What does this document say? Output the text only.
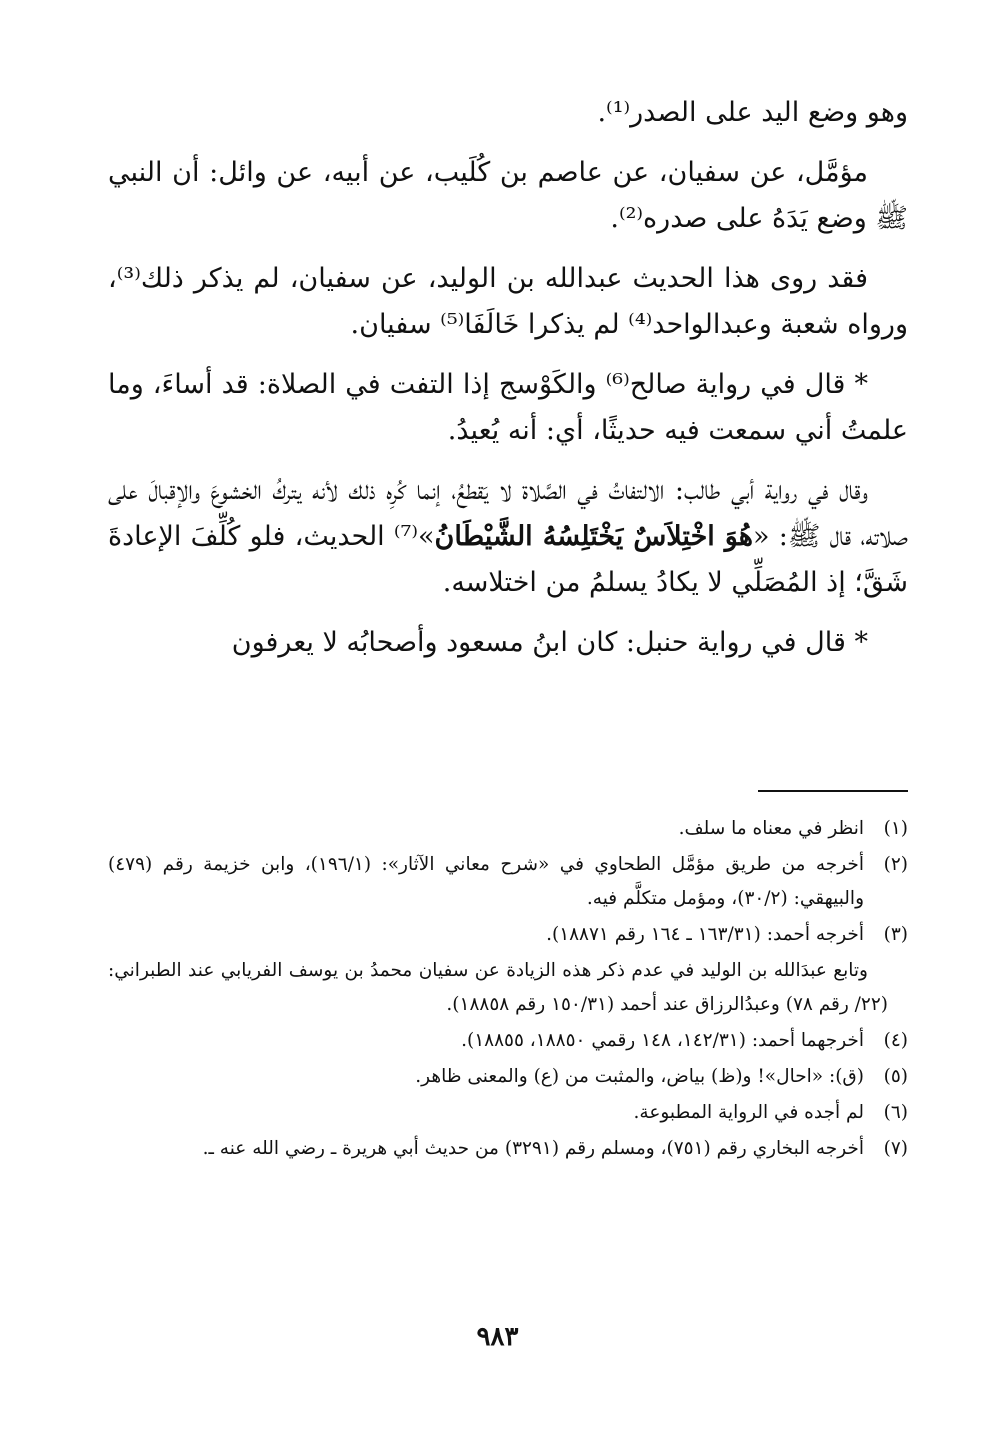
وهو وضع اليد على الصدر⁽¹⁾.

مؤمَّل، عن سفيان، عن عاصم بن كُلَيب، عن أبيه، عن وائل: أن النبي ﷺ وضع يَدَهُ على صدره⁽²⁾.

فقد روى هذا الحديث عبدالله بن الوليد، عن سفيان، لم يذكر ذلك⁽³⁾، ورواه شعبة وعبدالواحد⁽⁴⁾ لم يذكرا خَالَفَا⁽⁵⁾ سفيان.

* قال في رواية صالح⁽⁶⁾ والكَوْسج إذا التفت في الصلاة: قد أساءَ، وما علمتُ أني سمعت فيه حديثًا، أي: أنه يُعيدُ.

وقال في رواية أبي طالب: الالتفاتُ في الصَّلاة لا يَقطعُ، إنما كُرِه ذلك لأنه يتركُ الخشوعَ والإقبالَ على صلاته، قال ﷺ: «هُوَ اخْتِلاَسٌ يَخْتَلِسُهُ الشَّيْطَانُ»⁽⁷⁾ الحديث، فلو كُلِّفَ الإعادةَ شَقَّ؛ إذ المُصَلِّي لا يكادُ يسلمُ من اختلاسه.

* قال في رواية حنبل: كان ابنُ مسعود وأصحابُه لا يعرفون

(١)
انظر في معناه ما سلف.
(٢)
أخرجه من طريق مؤمَّل الطحاوي في «شرح معاني الآثار»: (١٩٦/١)، وابن خزيمة رقم (٤٧٩) والبيهقي: (٣٠/٢)، ومؤمل متكلَّم فيه.
(٣)
أخرجه أحمد: (١٦٣/٣١ ـ ١٦٤ رقم ١٨٨٧١).
وتابع عبدَالله بن الوليد في عدم ذكر هذه الزيادة عن سفيان محمدُ بن يوسف الفريابي عند الطبراني: (٢٢/ رقم ٧٨) وعبدُالرزاق عند أحمد (١٥٠/٣١ رقم ١٨٨٥٨).
(٤)
أخرجهما أحمد: (١٤٢/٣١، ١٤٨ رقمي ١٨٨٥٠، ١٨٨٥٥).
(٥)
(ق): «احال»! و(ظ) بياض، والمثبت من (ع) والمعنى ظاهر.
(٦)
لم أجده في الرواية المطبوعة.
(٧)
أخرجه البخاري رقم (٧٥١)، ومسلم رقم (٣٢٩١) من حديث أبي هريرة ـ رضي الله عنه ـ.
٩٨٣
